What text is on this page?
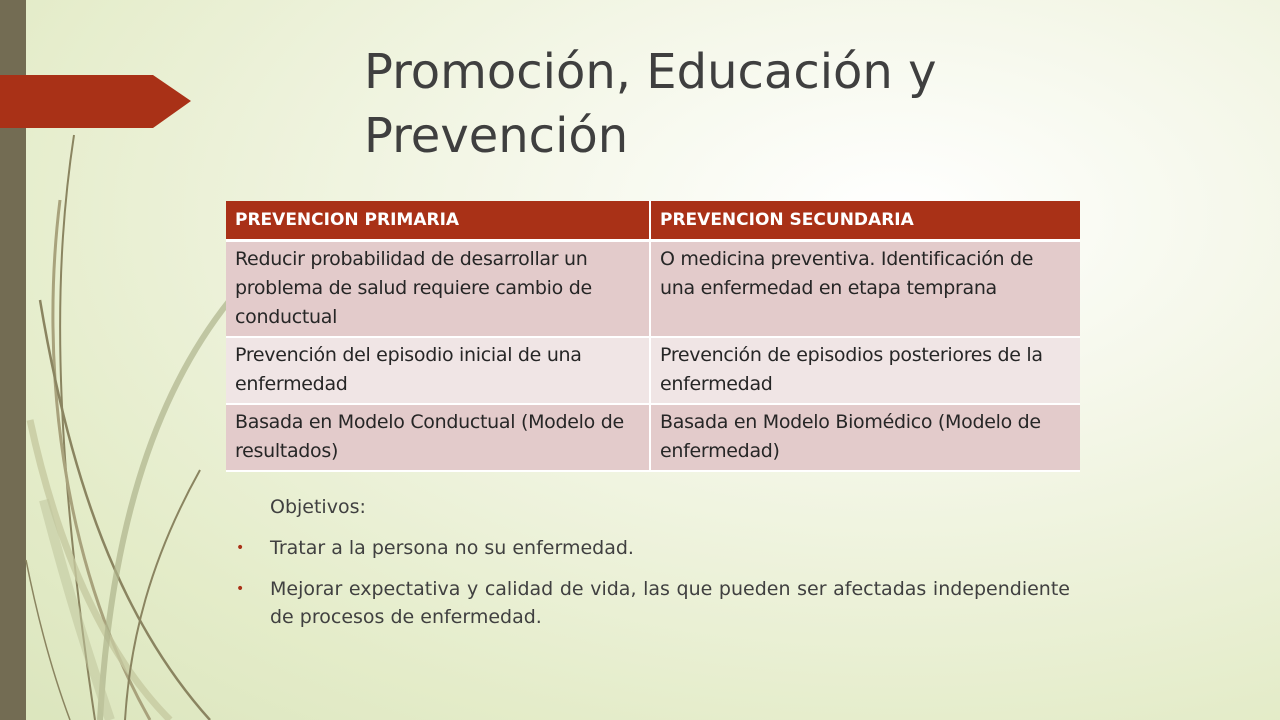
Promoción, Educación y Prevención
PREVENCION PRIMARIA	PREVENCION SECUNDARIA
Reducir probabilidad de desarrollar un problema de salud requiere cambio de conductual	O medicina preventiva. Identificación de una enfermedad en etapa temprana
Prevención del episodio inicial de una enfermedad	Prevención de episodios posteriores de la enfermedad
Basada en Modelo Conductual (Modelo de resultados)	Basada en Modelo Biomédico (Modelo de enfermedad)
Objetivos:
• Tratar a la persona no su enfermedad.
• Mejorar expectativa y calidad de vida, las que pueden ser afectadas independiente de procesos de enfermedad.
